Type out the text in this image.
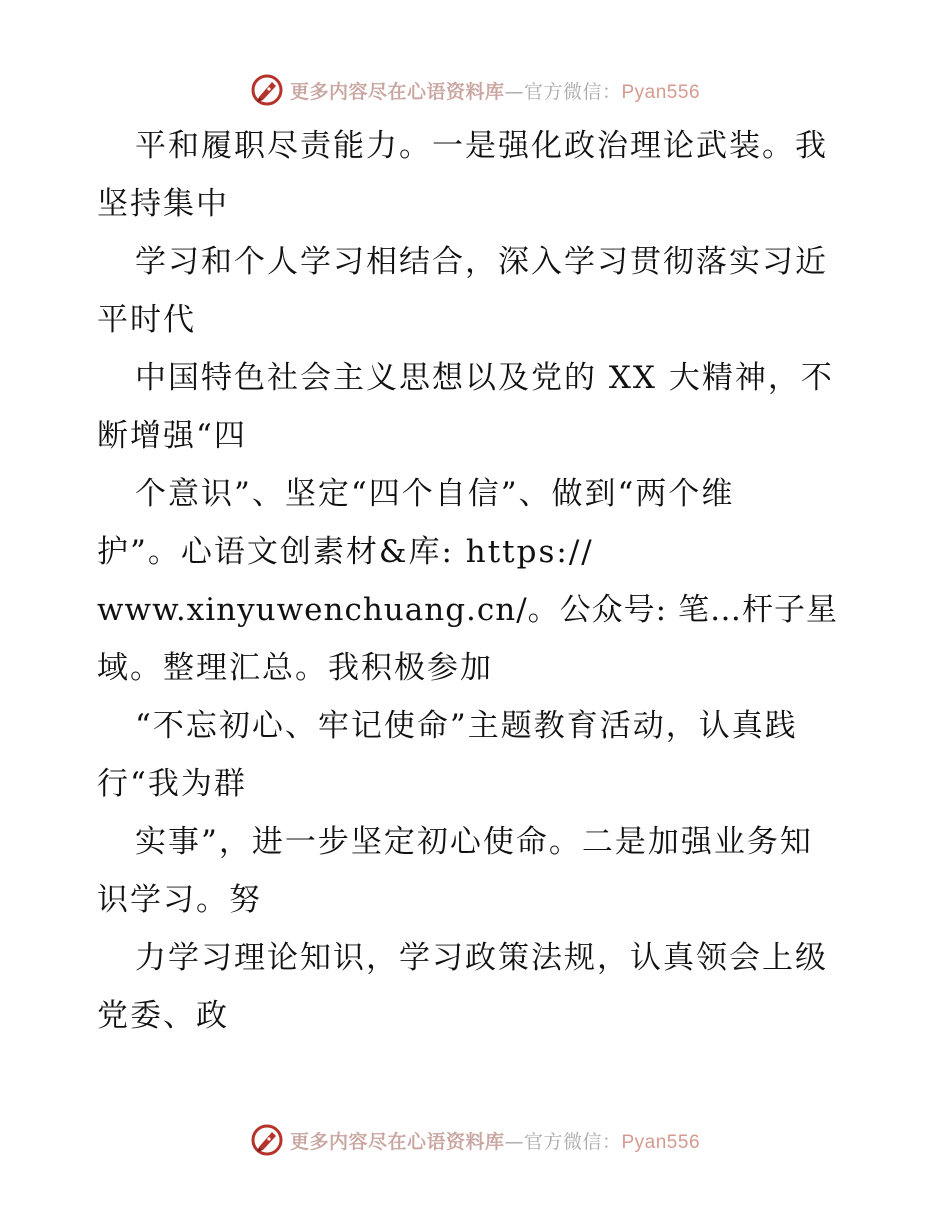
更多内容尽在心语资料库—官方微信：Pyan556
平和履职尽责能力。一是强化政治理论武装。我
坚持集中
学习和个人学习相结合，深入学习贯彻落实习近
平时代
中国特色社会主义思想以及党的 XX 大精神，不
断增强“四
个意识”、坚定“四个自信”、做到“两个维
护”。心语文创素材&库: https://
www.xinyuwenchuang.cn/。公众号: 笔…杆子星
域。整理汇总。我积极参加
“不忘初心、牢记使命”主题教育活动，认真践
行“我为群
实事”，进一步坚定初心使命。二是加强业务知
识学习。努
力学习理论知识，学习政策法规，认真领会上级
党委、政
更多内容尽在心语资料库—官方微信：Pyan556
